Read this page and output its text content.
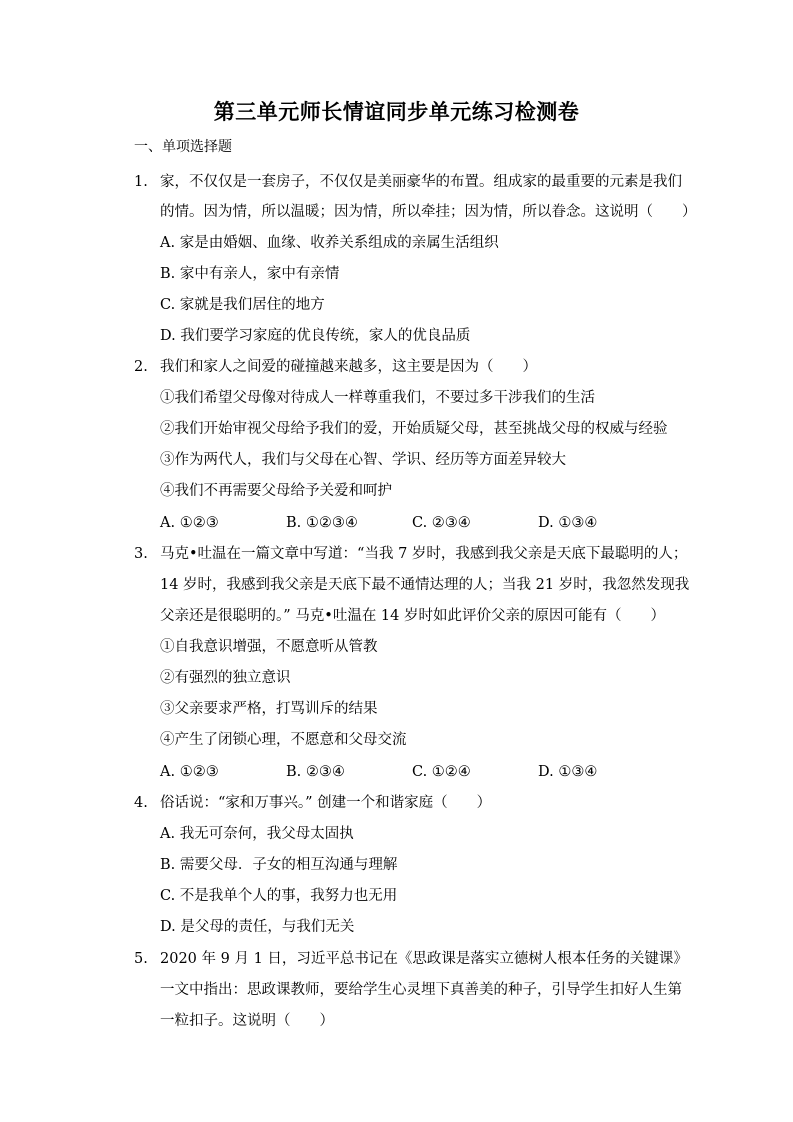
第三单元师长情谊同步单元练习检测卷
一、单项选择题
1. 家，不仅仅是一套房子，不仅仅是美丽豪华的布置。组成家的最重要的元素是我们
的情。因为情，所以温暖；因为情，所以牵挂；因为情，所以眷念。这说明（　　）
A. 家是由婚姻、血缘、收养关系组成的亲属生活组织
B. 家中有亲人，家中有亲情
C. 家就是我们居住的地方
D. 我们要学习家庭的优良传统，家人的优良品质
2. 我们和家人之间爱的碰撞越来越多，这主要是因为（　　）
①我们希望父母像对待成人一样尊重我们，不要过多干涉我们的生活
②我们开始审视父母给予我们的爱，开始质疑父母，甚至挑战父母的权威与经验
③作为两代人，我们与父母在心智、学识、经历等方面差异较大
④我们不再需要父母给予关爱和呵护
A. ①②③	B. ①②③④	C. ②③④	D. ①③④
3. 马克•吐温在一篇文章中写道：“当我 7 岁时，我感到我父亲是天底下最聪明的人；
14 岁时，我感到我父亲是天底下最不通情达理的人；当我 21 岁时，我忽然发现我
父亲还是很聪明的。” 马克•吐温在 14 岁时如此评价父亲的原因可能有（　　）
①自我意识增强，不愿意听从管教
②有强烈的独立意识
③父亲要求严格，打骂训斥的结果
④产生了闭锁心理，不愿意和父母交流
A. ①②③	B. ②③④	C. ①②④	D. ①③④
4. 俗话说：“家和万事兴。” 创建一个和谐家庭（　　）
A. 我无可奈何，我父母太固执
B. 需要父母．子女的相互沟通与理解
C. 不是我单个人的事，我努力也无用
D. 是父母的责任，与我们无关
5. 2020 年 9 月 1 日，习近平总书记在《思政课是落实立德树人根本任务的关键课》
一文中指出：思政课教师，要给学生心灵埋下真善美的种子，引导学生扣好人生第
一粒扣子。这说明（　　）
